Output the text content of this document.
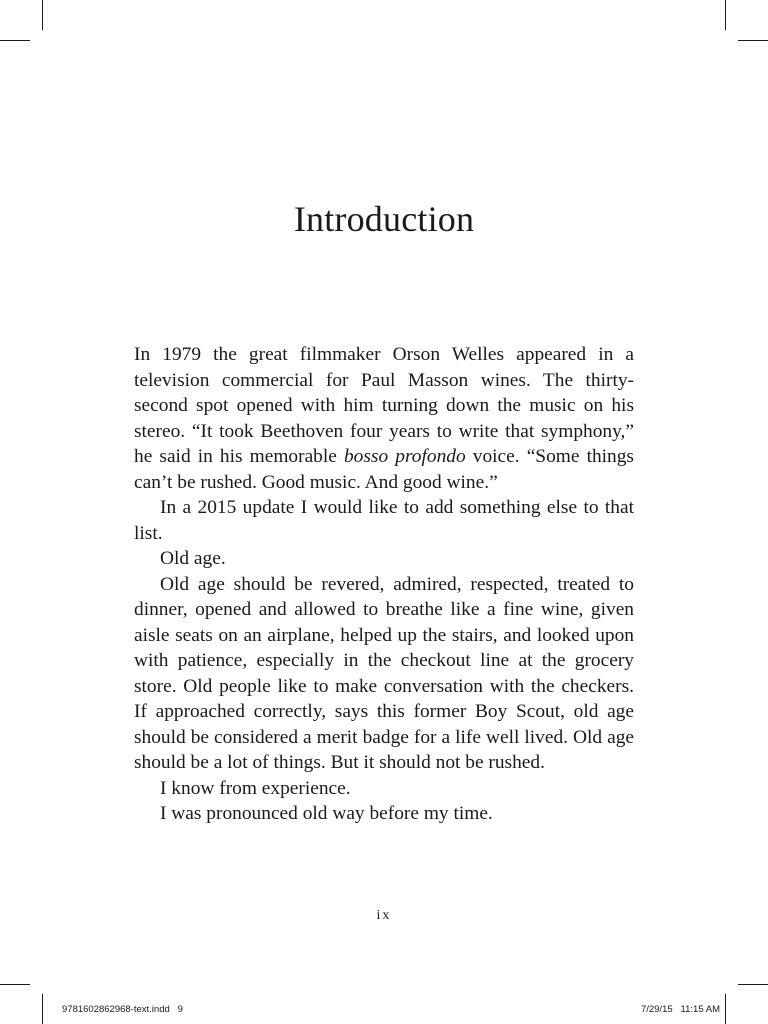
Introduction

In 1979 the great filmmaker Orson Welles appeared in a television commercial for Paul Masson wines. The thirty-second spot opened with him turning down the music on his stereo. “It took Beethoven four years to write that symphony,” he said in his memorable bosso profondo voice. “Some things can’t be rushed. Good music. And good wine.”

In a 2015 update I would like to add something else to that list.

Old age.

Old age should be revered, admired, respected, treated to dinner, opened and allowed to breathe like a fine wine, given aisle seats on an airplane, helped up the stairs, and looked upon with patience, especially in the checkout line at the grocery store. Old people like to make conversation with the checkers. If approached correctly, says this former Boy Scout, old age should be considered a merit badge for a life well lived. Old age should be a lot of things. But it should not be rushed.

I know from experience.

I was pronounced old way before my time.

ix
9781602862968-text.indd   9	7/29/15   11:15 AM
